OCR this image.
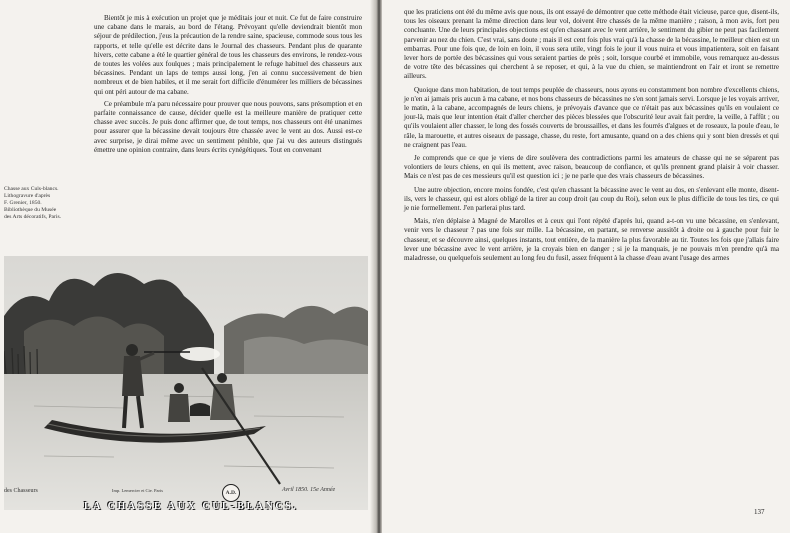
Bientôt je mis à exécution un projet que je méditais jour et nuit. Ce fut de faire construire une cabane dans le marais, au bord de l'étang. Prévoyant qu'elle deviendrait bientôt mon séjour de prédilection, j'eus la précaution de la rendre saine, spacieuse, commode sous tous les rapports, et telle qu'elle est décrite dans le Journal des chasseurs. Pendant plus de quarante hivers, cette cabane a été le quartier général de tous les chasseurs des environs, le rendez-vous de toutes les volées aux foulques ; mais principalement le refuge habituel des chasseurs aux bécassines. Pendant un laps de temps aussi long, j'en ai connu successivement de bien nombreux et de bien habiles, et il me serait fort difficile d'énumérer les milliers de bécassines qui ont péri autour de ma cabane.

Ce préambule m'a paru nécessaire pour prouver que nous pouvons, sans présomption et en parfaite connaissance de cause, décider quelle est la meilleure manière de pratiquer cette chasse avec succès. Je puis donc affirmer que, de tout temps, nos chasseurs ont été unanimes pour assurer que la bécassine devait toujours être chassée avec le vent au dos. Aussi est-ce avec surprise, je dirai même avec un sentiment pénible, que j'ai vu des auteurs distingués émettre une opinion contraire, dans leurs écrits cynégétiques. Tout en convenant

Chasse aux Culs-blancs.
Lithogravure d'après
F. Grenier, 1850.
Bibliothèque du Musée
des Arts décoratifs, Paris.
des Chasseurs	Imp. Lemercier et Cie. Paris	A.D.	Avril 1850. 15e Année
LA CHASSE AUX CUL-BLANCS.

que les praticiens ont été du même avis que nous, ils ont essayé de démontrer que cette méthode était vicieuse, parce que, disent-ils, tous les oiseaux prenant la même direction dans leur vol, doivent être chassés de la même manière ; raison, à mon avis, fort peu concluante. Une de leurs principales objections est qu'en chassant avec le vent arrière, le sentiment du gibier ne peut pas facilement parvenir au nez du chien. C'est vrai, sans doute ; mais il est cent fois plus vrai qu'à la chasse de la bécassine, le meilleur chien est un embarras. Pour une fois que, de loin en loin, il vous sera utile, vingt fois le jour il vous nuira et vous impatientera, soit en faisant lever hors de portée des bécassines qui vous seraient parties de près ; soit, lorsque courbé et immobile, vous remarquez au-dessus de votre tête des bécassines qui cherchent à se reposer, et qui, à la vue du chien, se maintiendront en l'air et iront se remettre ailleurs.

Quoique dans mon habitation, de tout temps peuplée de chasseurs, nous ayons eu constamment bon nombre d'excellents chiens, je n'en ai jamais pris aucun à ma cabane, et nos bons chasseurs de bécassines ne s'en sont jamais servi. Lorsque je les voyais arriver, le matin, à la cabane, accompagnés de leurs chiens, je prévoyais d'avance que ce n'était pas aux bécassines qu'ils en voulaient ce jour-là, mais que leur intention était d'aller chercher des pièces blessées que l'obscurité leur avait fait perdre, la veille, à l'affût ; ou qu'ils voulaient aller chasser, le long des fossés couverts de broussailles, et dans les fourrés d'algues et de roseaux, la poule d'eau, le râle, la marouette, et autres oiseaux de passage, chasse, du reste, fort amusante, quand on a des chiens qui y sont bien dressés et qui ne craignent pas l'eau.

Je comprends que ce que je viens de dire soulèvera des contradictions parmi les amateurs de chasse qui ne se séparent pas volontiers de leurs chiens, en qui ils mettent, avec raison, beaucoup de confiance, et qu'ils prennent grand plaisir à voir chasser. Mais ce n'est pas de ces messieurs qu'il est question ici ; je ne parle que des vrais chasseurs de bécassines.

Une autre objection, encore moins fondée, c'est qu'en chassant la bécassine avec le vent au dos, en s'enlevant elle monte, disent-ils, vers le chasseur, qui est alors obligé de la tirer au coup droit (au coup du Roi), selon eux le plus difficile de tous les tirs, ce qui je nie formellement. J'en parlerai plus tard.

Mais, n'en déplaise à Magné de Marolles et à ceux qui l'ont répété d'après lui, quand a-t-on vu une bécassine, en s'enlevant, venir vers le chasseur ? pas une fois sur mille. La bécassine, en partant, se renverse aussitôt à droite ou à gauche pour fuir le chasseur, et se découvre ainsi, quelques instants, tout entière, de la manière la plus favorable au tir. Toutes les fois que j'allais faire lever une bécassine avec le vent arrière, je la croyais bien en danger ; si je la manquais, je ne pouvais m'en prendre qu'à ma maladresse, ou quelquefois seulement au long feu du fusil, assez fréquent à la chasse d'eau avant l'usage des armes

137
